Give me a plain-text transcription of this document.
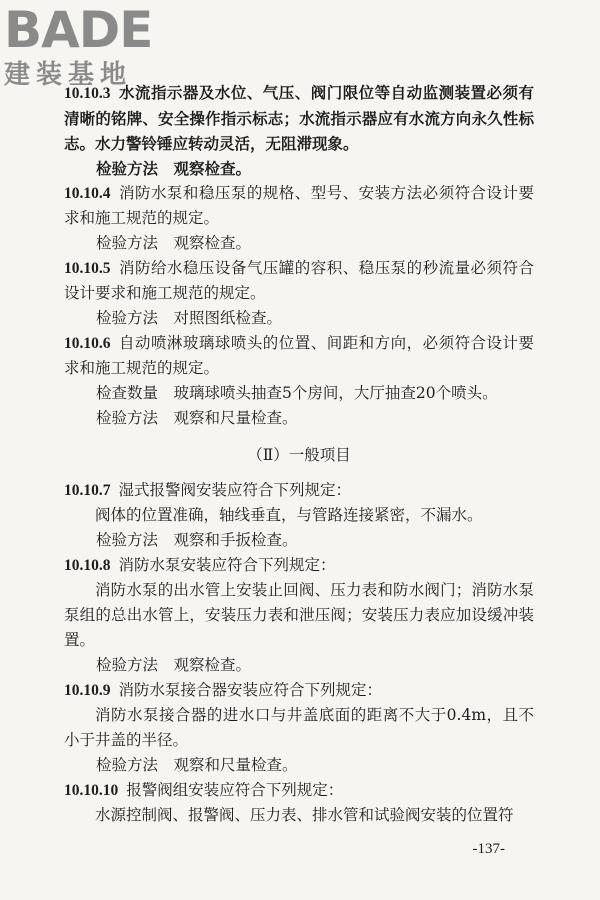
BADE
建装基地

10.10.3 水流指示器及水位、气压、阀门限位等自动监测装置必须有清晰的铭牌、安全操作指示标志；水流指示器应有水流方向永久性标志。水力警铃锤应转动灵活，无阻滞现象。

检验方法　观察检查。

10.10.4 消防水泵和稳压泵的规格、型号、安装方法必须符合设计要求和施工规范的规定。

检验方法　观察检查。

10.10.5 消防给水稳压设备气压罐的容积、稳压泵的秒流量必须符合设计要求和施工规范的规定。

检验方法　对照图纸检查。

10.10.6 自动喷淋玻璃球喷头的位置、间距和方向，必须符合设计要求和施工规范的规定。

检查数量　玻璃球喷头抽查5个房间，大厅抽查20个喷头。

检验方法　观察和尺量检查。

（Ⅱ）一般项目

10.10.7 湿式报警阀安装应符合下列规定：

阀体的位置准确，轴线垂直，与管路连接紧密，不漏水。

检验方法　观察和手扳检查。

10.10.8 消防水泵安装应符合下列规定：

消防水泵的出水管上安装止回阀、压力表和防水阀门；消防水泵泵组的总出水管上，安装压力表和泄压阀；安装压力表应加设缓冲装置。

检验方法　观察检查。

10.10.9 消防水泵接合器安装应符合下列规定：

消防水泵接合器的进水口与井盖底面的距离不大于0.4m，且不小于井盖的半径。

检验方法　观察和尺量检查。

10.10.10 报警阀组安装应符合下列规定：

水源控制阀、报警阀、压力表、排水管和试验阀安装的位置符

-137-
